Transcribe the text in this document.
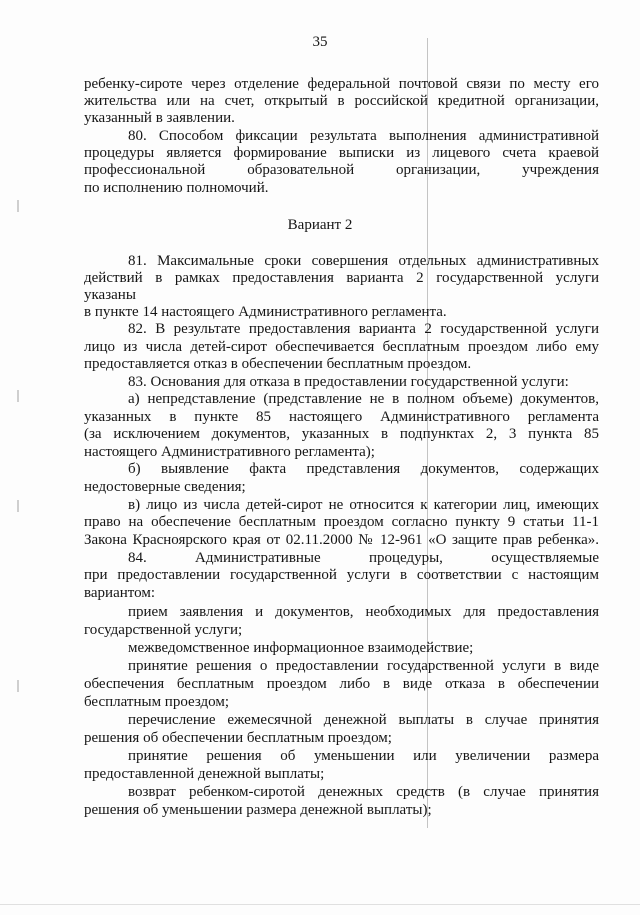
35
ребенку-сироте через отделение федеральной почтовой связи по месту его
жительства или на счет, открытый в российской кредитной организации,
указанный в заявлении.
80. Способом фиксации результата выполнения административной
процедуры является формирование выписки из лицевого счета краевой
профессиональной образовательной организации, учреждения
по исполнению полномочий.
Вариант 2
81. Максимальные сроки совершения отдельных административных
действий в рамках предоставления варианта 2 государственной услуги
указаны
в пункте 14 настоящего Административного регламента.
82. В результате предоставления варианта 2 государственной услуги
лицо из числа детей-сирот обеспечивается бесплатным проездом либо ему
предоставляется отказ в обеспечении бесплатным проездом.
83. Основания для отказа в предоставлении государственной услуги:
а) непредставление (представление не в полном объеме) документов,
указанных в пункте 85 настоящего Административного регламента
(за исключением документов, указанных в подпунктах 2, 3 пункта 85
настоящего Административного регламента);
б) выявление факта представления документов, содержащих
недостоверные сведения;
в) лицо из числа детей-сирот не относится к категории лиц, имеющих
право на обеспечение бесплатным проездом согласно пункту 9 статьи 11-1
Закона Красноярского края от 02.11.2000 № 12-961 «О защите прав ребенка».
84. Административные процедуры, осуществляемые
при предоставлении государственной услуги в соответствии с настоящим
вариантом:
прием заявления и документов, необходимых для предоставления
государственной услуги;
межведомственное информационное взаимодействие;
принятие решения о предоставлении государственной услуги в виде
обеспечения бесплатным проездом либо в виде отказа в обеспечении
бесплатным проездом;
перечисление ежемесячной денежной выплаты в случае принятия
решения об обеспечении бесплатным проездом;
принятие решения об уменьшении или увеличении размера
предоставленной денежной выплаты;
возврат ребенком-сиротой денежных средств (в случае принятия
решения об уменьшении размера денежной выплаты);
